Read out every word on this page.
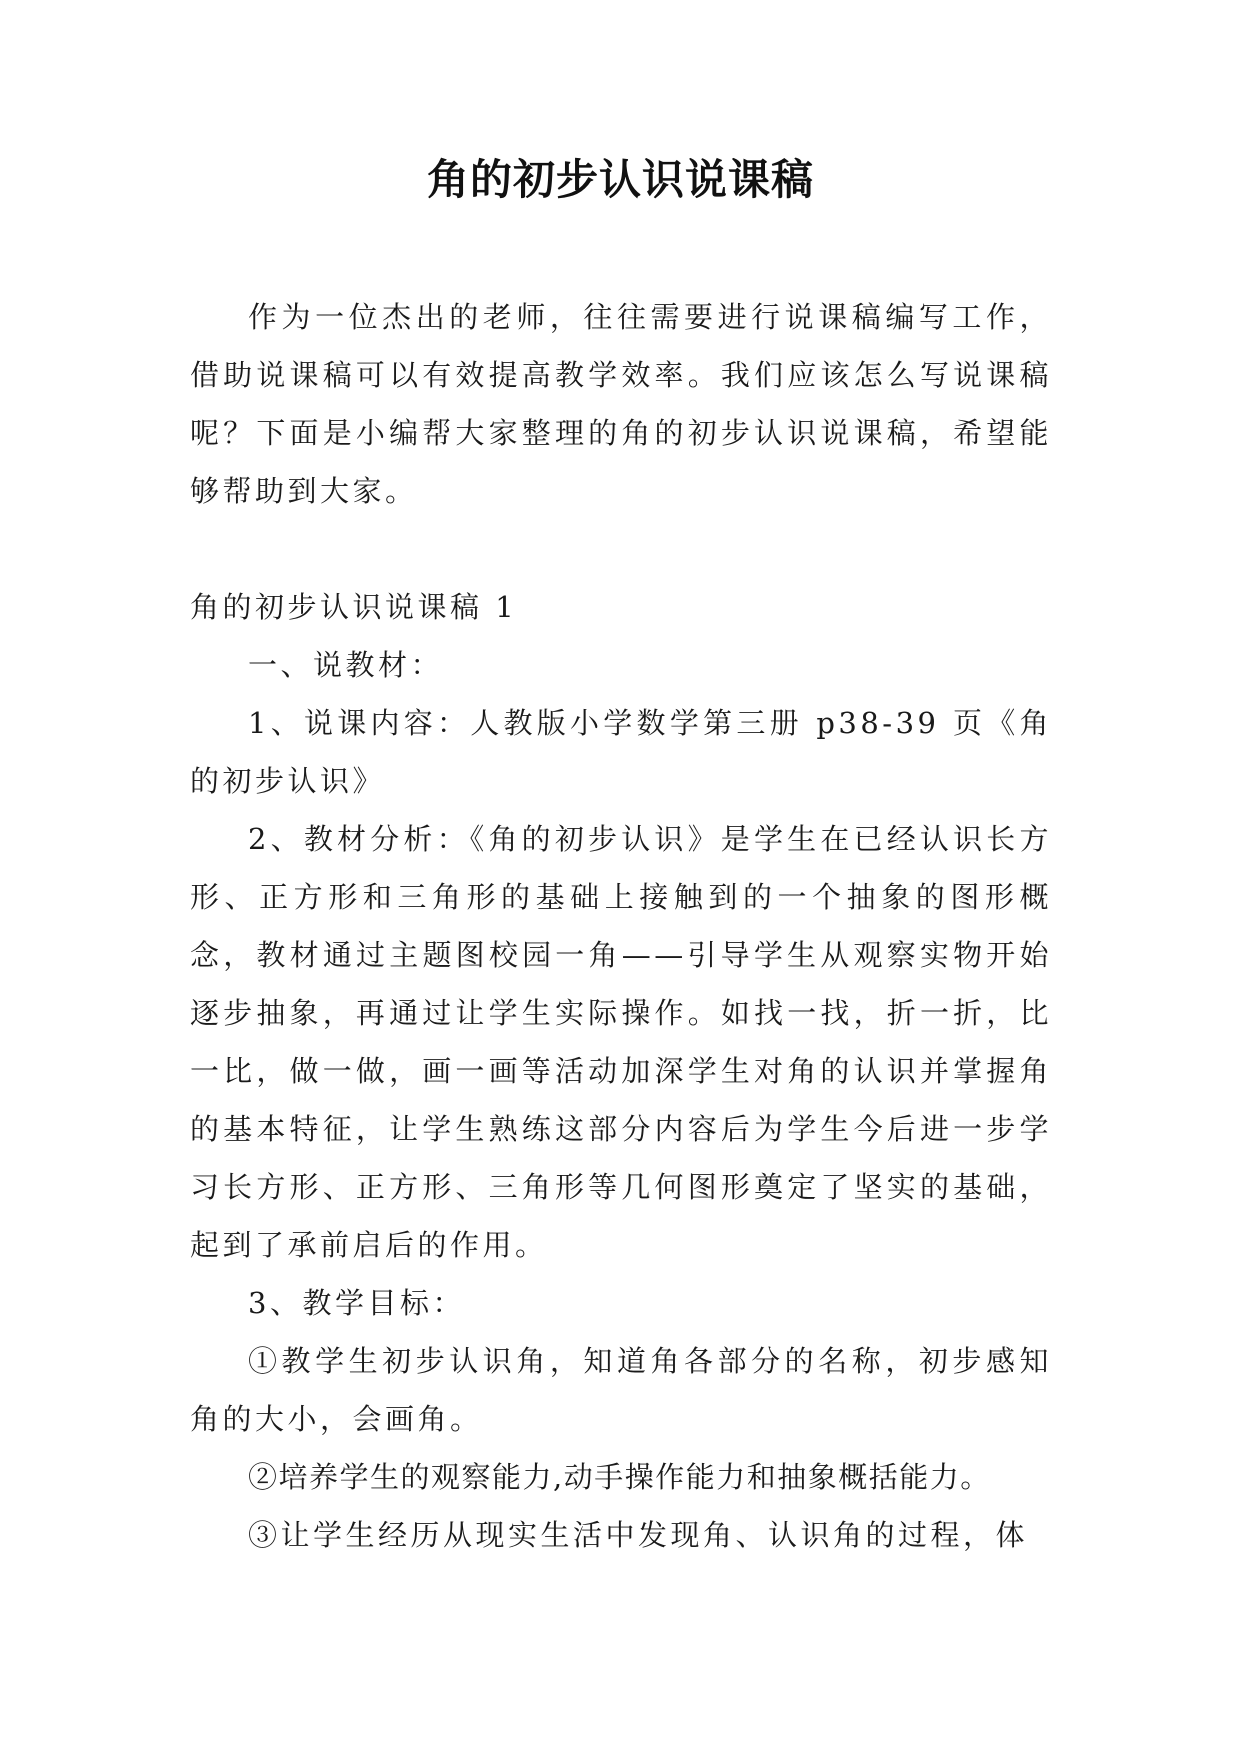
角的初步认识说课稿

作为一位杰出的老师，往往需要进行说课稿编写工作，借助说课稿可以有效提高教学效率。我们应该怎么写说课稿呢？下面是小编帮大家整理的角的初步认识说课稿，希望能够帮助到大家。

角的初步认识说课稿 1

一、说教材：

1、说课内容：人教版小学数学第三册 p38-39 页《角的初步认识》

2、教材分析：《角的初步认识》是学生在已经认识长方形、正方形和三角形的基础上接触到的一个抽象的图形概念，教材通过主题图校园一角——引导学生从观察实物开始逐步抽象，再通过让学生实际操作。如找一找，折一折，比一比，做一做，画一画等活动加深学生对角的认识并掌握角的基本特征，让学生熟练这部分内容后为学生今后进一步学习长方形、正方形、三角形等几何图形奠定了坚实的基础，起到了承前启后的作用。

3、教学目标：

①教学生初步认识角，知道角各部分的名称，初步感知角的大小，会画角。

②培养学生的观察能力,动手操作能力和抽象概括能力。

③让学生经历从现实生活中发现角、认识角的过程，体
